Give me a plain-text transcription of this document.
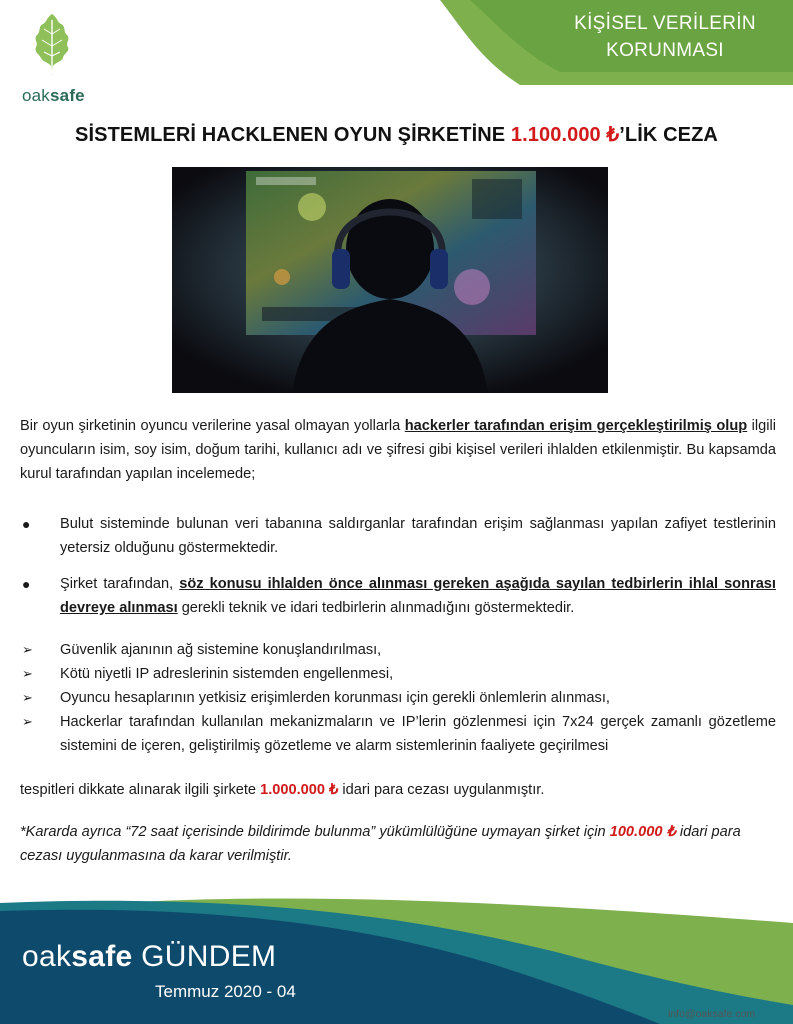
oaksafe
KİŞİSEL VERİLERİN
KORUNMASI
SİSTEMLERİ HACKLENEN OYUN ŞİRKETİNE 1.100.000 ₺’LİK CEZA

Bir oyun şirketinin oyuncu verilerine yasal olmayan yollarla hackerler tarafından erişim gerçekleştirilmiş olup ilgili oyuncuların isim, soy isim, doğum tarihi, kullanıcı adı ve şifresi gibi kişisel verileri ihlalden etkilenmiştir. Bu kapsamda kurul tarafından yapılan incelemede;

● Bulut sisteminde bulunan veri tabanına saldırganlar tarafından erişim sağlanması yapılan zafiyet testlerinin yetersiz olduğunu göstermektedir.
● Şirket tarafından, söz konusu ihlalden önce alınması gereken aşağıda sayılan tedbirlerin ihlal sonrası devreye alınması gerekli teknik ve idari tedbirlerin alınmadığını göstermektedir.
➢ Güvenlik ajanının ağ sistemine konuşlandırılması,
➢ Kötü niyetli IP adreslerinin sistemden engellenmesi,
➢ Oyuncu hesaplarının yetkisiz erişimlerden korunması için gerekli önlemlerin alınması,
➢ Hackerlar tarafından kullanılan mekanizmaların ve IP’lerin gözlenmesi için 7x24 gerçek zamanlı gözetleme sistemini de içeren, geliştirilmiş gözetleme ve alarm sistemlerinin faaliyete geçirilmesi

tespitleri dikkate alınarak ilgili şirkete 1.000.000 ₺ idari para cezası uygulanmıştır.

*Kararda ayrıca “72 saat içerisinde bildirimde bulunma” yükümlülüğüne uymayan şirket için 100.000 ₺ idari para cezası uygulanmasına da karar verilmiştir.

oaksafe GÜNDEM
Temmuz 2020 - 04
info@oaksafe.com
